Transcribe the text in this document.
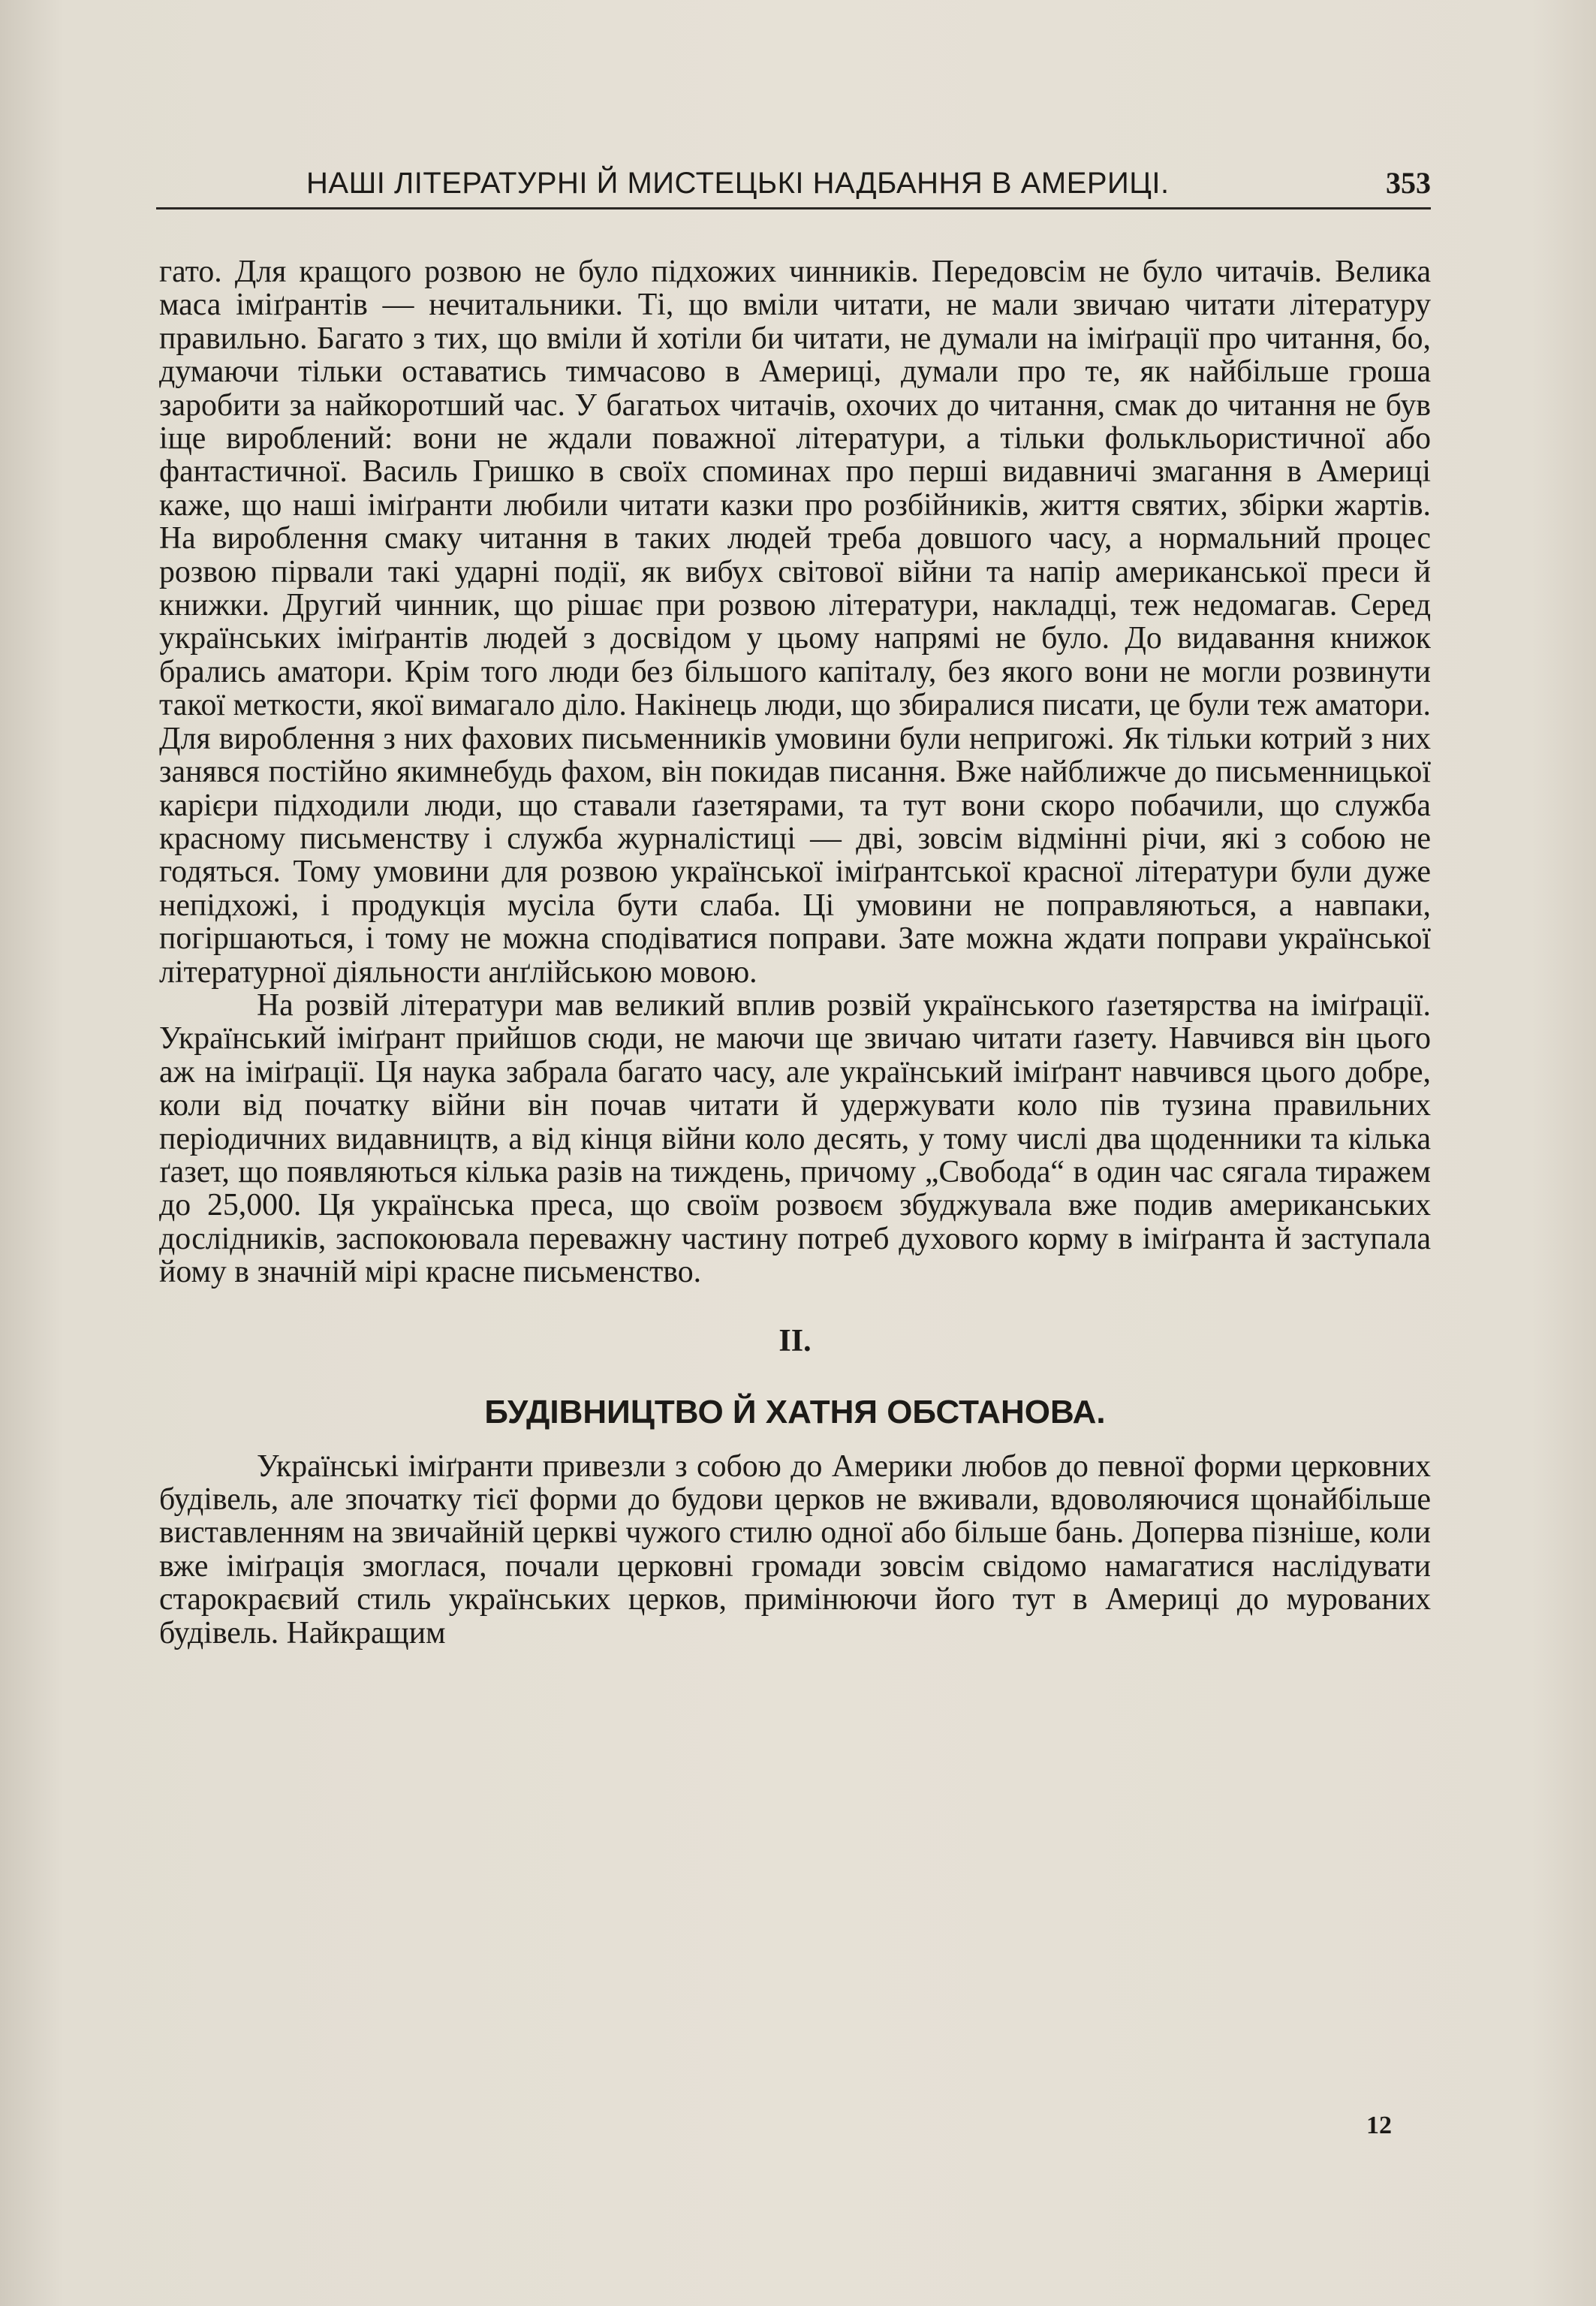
НАШІ ЛІТЕРАТУРНІ Й МИСТЕЦЬКІ НАДБАННЯ В АМЕРИЦІ.	353

гато. Для кращого розвою не було підхожих чинників. Передовсім не було читачів. Велика маса іміґрантів — нечитальники. Ті, що вміли читати, не мали звичаю читати літературу правильно. Багато з тих, що вміли й хотіли би читати, не думали на іміґрації про читання, бо, думаючи тільки оставатись тимчасово в Америці, думали про те, як найбільше гроша заробити за найкоротший час. У багатьох читачів, охочих до читання, смак до читання не був іще вироблений: вони не ждали поважної літератури, а тільки фолькльористичної або фантастичної. Василь Гришко в своїх споминах про перші видавничі змагання в Америці каже, що наші іміґранти любили читати казки про розбійників, життя святих, збірки жартів. На вироблення смаку читання в таких людей треба довшого часу, а нормальний процес розвою пірвали такі ударні події, як вибух світової війни та напір американської преси й книжки. Другий чинник, що рішає при розвою літератури, накладці, теж недомагав. Серед українських іміґрантів людей з досвідом у цьому напрямі не було. До видавання книжок брались аматори. Крім того люди без більшого капіталу, без якого вони не могли розвинути такої меткости, якої вимагало діло. Накінець люди, що збиралися писати, це були теж аматори. Для вироблення з них фахових письменників умовини були непригожі. Як тільки котрий з них занявся постійно якимнебудь фахом, він покидав писання. Вже найближче до письменницької карієри підходили люди, що ставали ґазетярами, та тут вони скоро побачили, що служба красному письменству і служба журналістиці — дві, зовсім відмінні річи, які з собою не годяться. Тому умовини для розвою української іміґрантської красної літератури були дуже непідхожі, і продукція мусіла бути слаба. Ці умовини не поправляються, а навпаки, погіршаються, і тому не можна сподіватися поправи. Зате можна ждати поправи української літературної діяльности анґлійською мовою.

На розвій літератури мав великий вплив розвій українського ґазетярства на іміґрації. Український іміґрант прийшов сюди, не маючи ще звичаю читати ґазету. Навчився він цього аж на іміґрації. Ця наука забрала багато часу, але український іміґрант навчився цього добре, коли від початку війни він почав читати й удержувати коло пів тузина правильних періодичних видавництв, а від кінця війни коло десять, у тому числі два щоденники та кілька ґазет, що появляються кілька разів на тиждень, причому „Свобода“ в один час сягала тиражем до 25,000. Ця українська преса, що своїм розвоєм збуджувала вже подив американських дослідників, заспокоювала переважну частину потреб духового корму в іміґранта й заступала йому в значній мірі красне письменство.

II.
БУДІВНИЦТВО Й ХАТНЯ ОБСТАНОВА.

Українські іміґранти привезли з собою до Америки любов до певної форми церковних будівель, але зпочатку тієї форми до будови церков не вживали, вдоволяючися щонайбільше виставленням на звичайній церкві чужого стилю одної або більше бань. Доперва пізніше, коли вже іміґрація змоглася, почали церковні громади зовсім свідомо намагатися наслідувати старокраєвий стиль українських церков, примінюючи його тут в Америці до мурованих будівель. Найкращим

12
